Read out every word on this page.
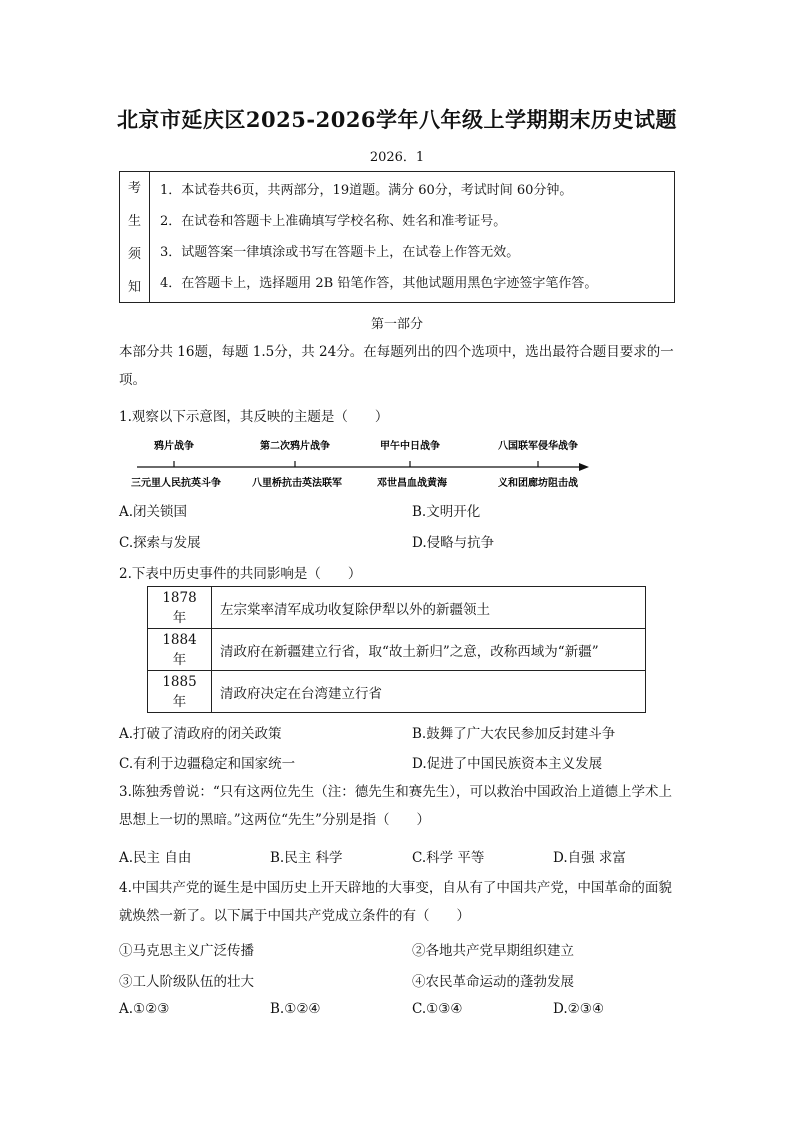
北京市延庆区2025-2026学年八年级上学期期末历史试题
2026．1
考
生
须
知
1．本试卷共6页，共两部分，19道题。满分 60分，考试时间 60分钟。
2．在试卷和答题卡上准确填写学校名称、姓名和准考证号。
3．试题答案一律填涂或书写在答题卡上，在试卷上作答无效。
4．在答题卡上，选择题用 2B 铅笔作答，其他试题用黑色字迹签字笔作答。
第一部分
本部分共 16题，每题 1.5分，共 24分。在每题列出的四个选项中，选出最符合题目要求的一项。
1.观察以下示意图，其反映的主题是（　　）
鸦片战争	第二次鸦片战争	甲午中日战争	八国联军侵华战争
三元里人民抗英斗争	八里桥抗击英法联军	邓世昌血战黄海	义和团廊坊阻击战
A.闭关锁国	B.文明开化
C.探索与发展	D.侵略与抗争
2.下表中历史事件的共同影响是（　　）
1878 年	左宗棠率清军成功收复除伊犁以外的新疆领土
1884 年	清政府在新疆建立行省，取“故土新归”之意，改称西域为“新疆”
1885 年	清政府决定在台湾建立行省
A.打破了清政府的闭关政策	B.鼓舞了广大农民参加反封建斗争
C.有利于边疆稳定和国家统一	D.促进了中国民族资本主义发展
3.陈独秀曾说：“只有这两位先生（注：德先生和赛先生），可以救治中国政治上道德上学术上思想上一切的黑暗。”这两位“先生”分别是指（　　）
A.民主 自由	B.民主 科学	C.科学 平等	D.自强 求富
4.中国共产党的诞生是中国历史上开天辟地的大事变，自从有了中国共产党，中国革命的面貌就焕然一新了。以下属于中国共产党成立条件的有（　　）
①马克思主义广泛传播	②各地共产党早期组织建立
③工人阶级队伍的壮大	④农民革命运动的蓬勃发展
A.①②③	B.①②④	C.①③④	D.②③④
